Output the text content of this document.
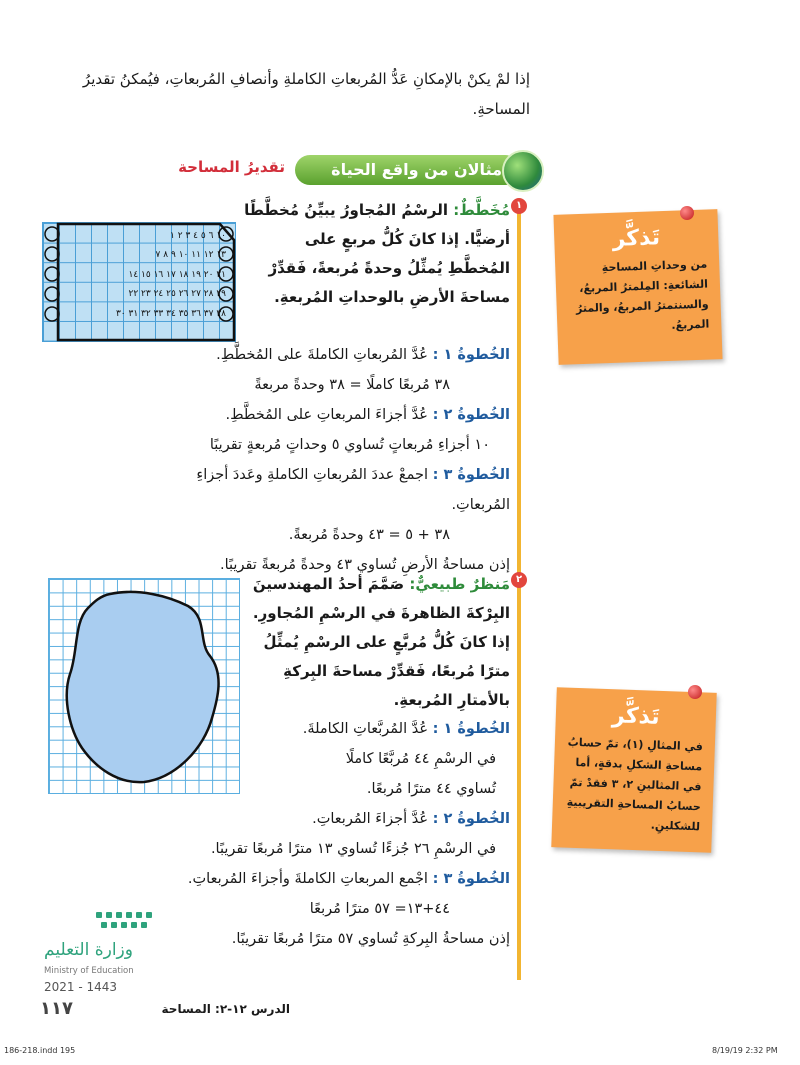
إذا لمْ يكنْ بالإمكانِ عَدُّ المُربعاتِ الكاملةِ وأنصافِ المُربعاتِ، فيُمكنُ تقديرُ المساحةِ.
مثالان من واقع الحياة
تقديرُ المساحة
١
٢
مُخَطَّطٌ: الرسْمُ المُجاورُ يبيِّنُ مُخطَّطًا أرضيًّا. إذا كانَ كُلُّ مربعٍ على المُخطَّطِ يُمثِّلُ وحدةً مُربعةً، فَقدِّرْ مساحةَ الأرضِ بالوحداتِ المُربعةِ.
١٠ ٦ ٥ ٤ ٣ ٢ ١
١٣ ١٢ ١١ ١٠ ٩ ٨ ٧
٢١ ٢٠ ١٩ ١٨ ١٧ ١٦ ١٥ ١٤
٢٩ ٢٨ ٢٧ ٢٦ ٢٥ ٢٤ ٢٣ ٢٢
٣٨ ٣٧ ٣٦ ٣٥ ٣٤ ٣٣ ٣٢ ٣١ ٣٠
الخُطوةُ ١ : عُدَّ المُربعاتِ الكاملةَ على المُخطَّطِ.
٣٨ مُربعًا كاملًا = ٣٨ وحدةً مربعةً
الخُطوةُ ٢ : عُدَّ أجزاءَ المربعاتِ على المُخطَّطِ.
١٠ أجزاءِ مُربعاتٍ تُساوي ٥ وحداتٍ مُربعةٍ تقريبًا
الخُطوةُ ٣ : اجمعْ عددَ المُربعاتِ الكاملةِ وعَددَ أجزاءِ المُربعاتِ.
٣٨ + ٥ = ٤٣ وحدةً مُربعةً.
إذن مساحةُ الأرضِ تُساوي ٤٣ وحدةً مُربعةً تقريبًا.
مَنظرٌ طبيعيٌّ: صَمَّمَ أحدُ المهندسينَ البِرْكةَ الظاهرةَ في الرسْمِ المُجاورِ. إذا كانَ كُلُّ مُربَّعٍ على الرسْمِ يُمثِّلُ مترًا مُربعًا، فَقدِّرْ مساحةَ البِركةِ بالأمتارِ المُربعةِ.
الخُطوةُ ١ : عُدَّ المُربَّعاتِ الكاملةَ.
في الرسْمِ ٤٤ مُربَّعًا كاملًا
تُساوي ٤٤ مترًا مُربعًا.
الخُطوةُ ٢ : عُدَّ أجزاءَ المُربعاتِ.
في الرسْمِ ٢٦ جُزءًا تُساوي ١٣ مترًا مُربعًا تقريبًا.
الخُطوةُ ٣ : اجْمع المربعاتِ الكاملةَ وأجزاءَ المُربعاتِ.
٤٤+١٣= ٥٧ مترًا مُربعًا
إذن مساحةُ البِركةِ تُساوي ٥٧ مترًا مُربعًا تقريبًا.
تَذكَّر
من وحداتِ المساحةِ الشائعةِ: المِلمترُ المربعُ، والسنتمترُ المربعُ، والمترُ المربعُ.
تَذكَّر
في المثالِ (١)، تمّ حسابُ مساحةِ الشكلِ بدقةٍ، أما في المثالينِ ٢، ٣ فقدْ تمّ حسابُ المساحةِ التقريبيةِ للشكلينِ.
وزارة التعليم
Ministry of Education
2021 - 1443
١١٧	الدرس ١٢-٢: المساحة
186-218.indd 195	8/19/19 2:32 PM
